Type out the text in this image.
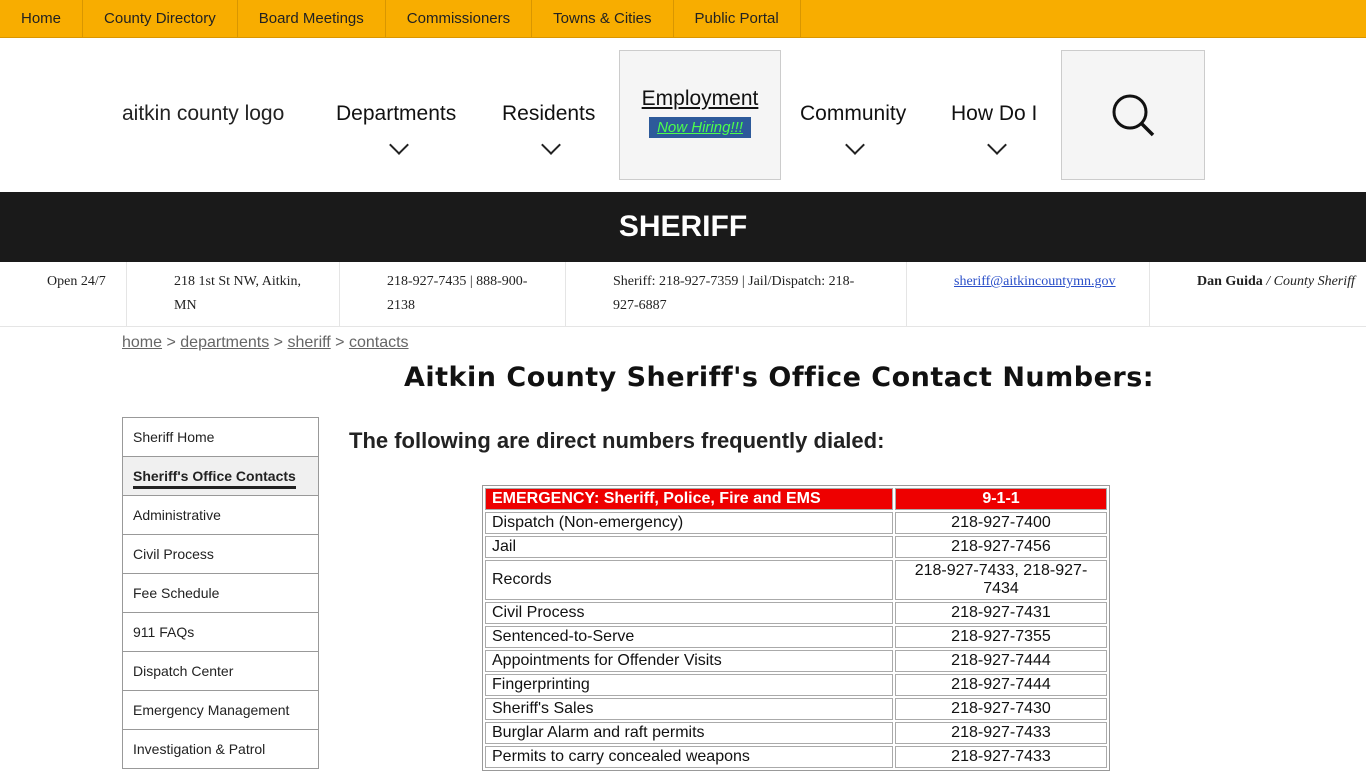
Home	County Directory	Board Meetings	Commissioners	Towns & Cities	Public Portal
aitkin county logo Departments Residents
Employment
Now Hiring!!!
Community How Do I
SHERIFF
Open 24/7	218 1st St NW, Aitkin, MN
218-927-7435 | 888-900-2138
Sheriff: 218-927-7359 | Jail/Dispatch: 218-927-6887
sheriff@aitkincountymn.gov	Dan Guida / County Sheriff
home > departments > sheriff > contacts
Aitkin County Sheriff's Office Contact Numbers:
The following are direct numbers frequently dialed:
Sheriff Home
Sheriff's Office Contacts
Administrative
Civil Process
Fee Schedule
911 FAQs
Dispatch Center
Emergency Management
Investigation & Patrol
EMERGENCY: Sheriff, Police, Fire and EMS	9-1-1
Dispatch (Non-emergency)	218-927-7400
Jail	218-927-7456
Records	218-927-7433, 218-927-7434
Civil Process	218-927-7431
Sentenced-to-Serve	218-927-7355
Appointments for Offender Visits	218-927-7444
Fingerprinting	218-927-7444
Sheriff's Sales	218-927-7430
Burglar Alarm and raft permits	218-927-7433
Permits to carry concealed weapons	218-927-7433
